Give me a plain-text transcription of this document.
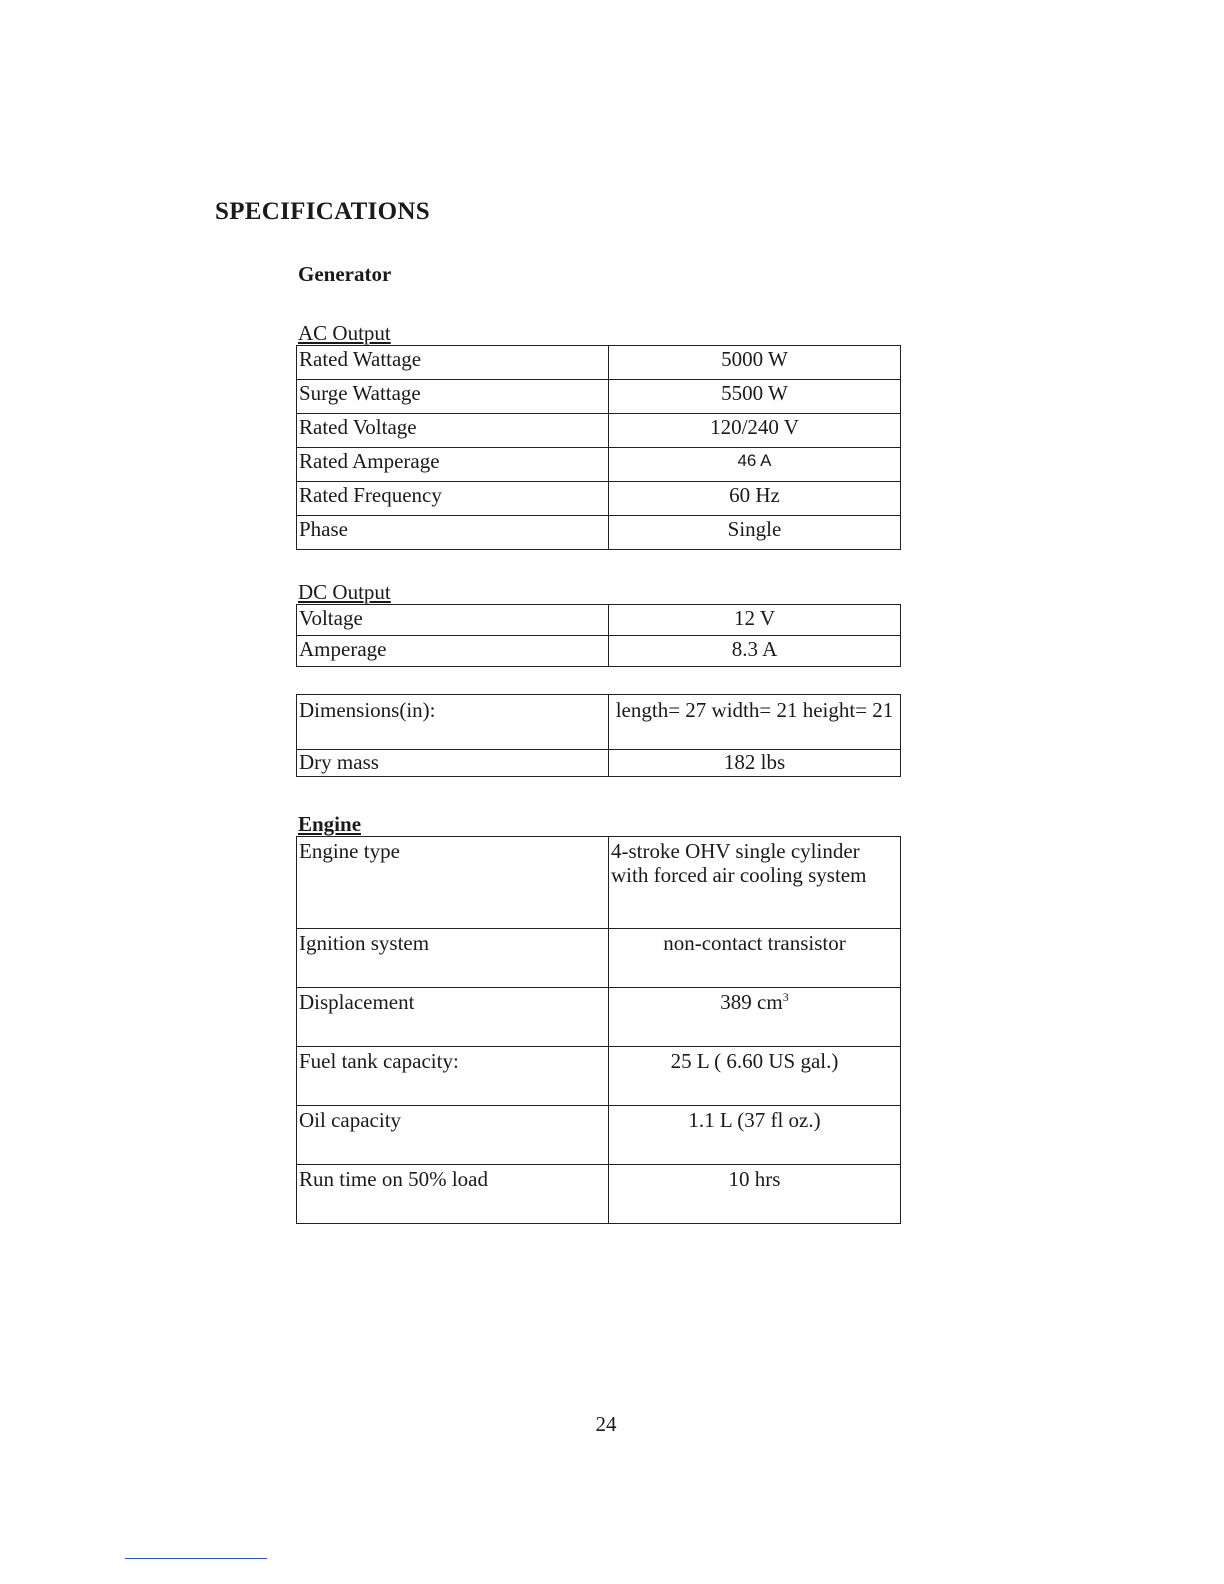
SPECIFICATIONS
Generator
AC Output
Rated Wattage	5000 W
Surge Wattage	5500 W
Rated Voltage	120/240 V
Rated Amperage	46 A
Rated Frequency	60 Hz
Phase	Single
DC Output
Voltage	12 V
Amperage	8.3 A
Dimensions(in):	length= 27 width= 21 height= 21
Dry mass	182 lbs
Engine
Engine type	4-stroke OHV single cylinder with forced air cooling system
Ignition system	non-contact transistor
Displacement	389 $cm^3$
Fuel tank capacity:	25 L ( 6.60 US gal.)
Oil capacity	1.1 L (37 fl oz.)
Run time on 50% load	10 hrs
24
